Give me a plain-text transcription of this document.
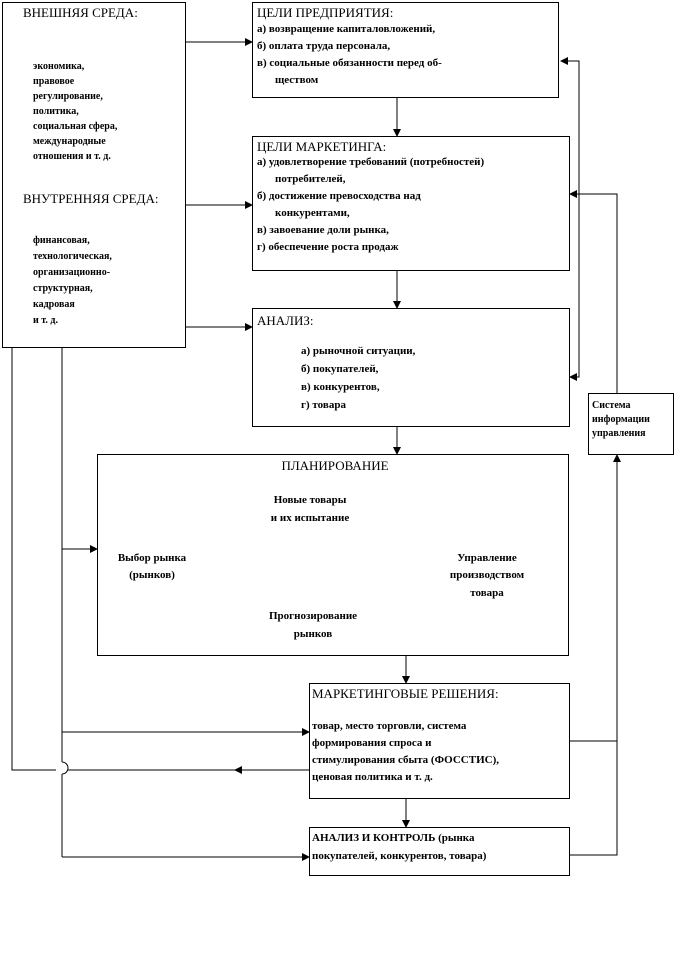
ВНЕШНЯЯ СРЕДА:
экономика,
правовое
регулирование,
политика,
социальная сфера,
международные
отношения и т. д.
ВНУТРЕННЯЯ СРЕДА:
финансовая,
технологическая,
организационно-
структурная,
кадровая
и т. д.
ЦЕЛИ ПРЕДПРИЯТИЯ:
а) возвращение капиталовложений,
б) оплата труда персонала,
в) социальные обязанности перед об-
ществом
ЦЕЛИ МАРКЕТИНГА:
а) удовлетворение требований (потребностей)
потребителей,
б) достижение превосходства над
конкурентами,
в) завоевание доли рынка,
г) обеспечение роста продаж
АНАЛИЗ:
а) рыночной ситуации,
б) покупателей,
в) конкурентов,
г) товара	Система
информации
управления
ПЛАНИРОВАНИЕ
Новые товары
и их испытание
Выбор рынка
(рынков)
Управление
производством
товара
Прогнозирование
рынков
МАРКЕТИНГОВЫЕ РЕШЕНИЯ:
товар, место торговли, система
формирования спроса и
стимулирования сбыта (ФОССТИС),
ценовая политика и т. д.
АНАЛИЗ И КОНТРОЛЬ (рынка
покупателей, конкурентов, товара)
